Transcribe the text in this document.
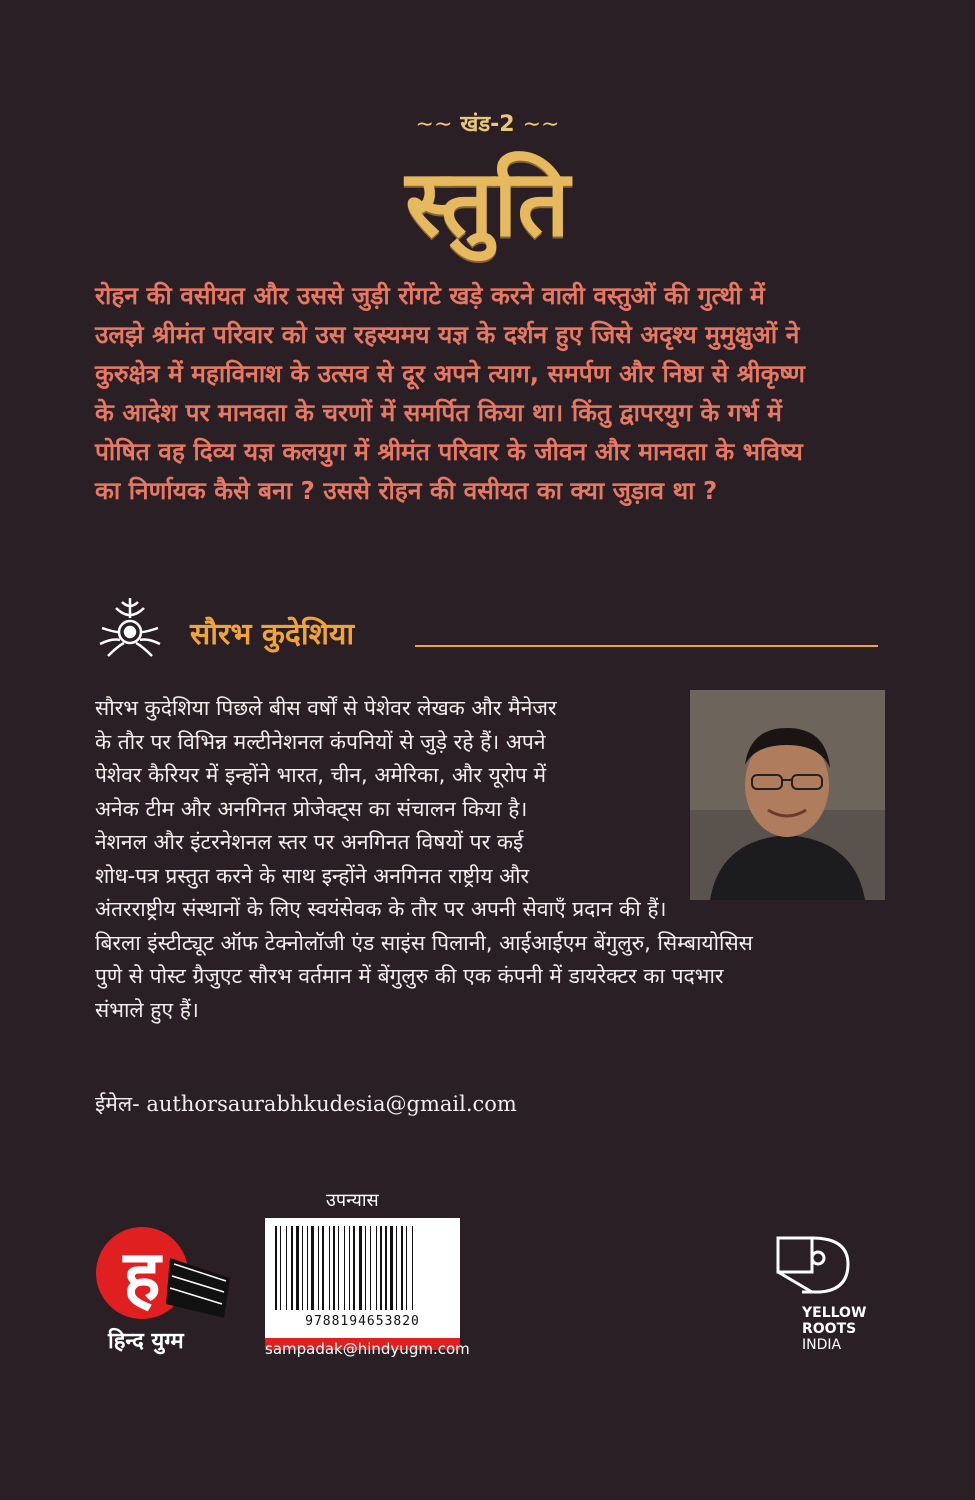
∼∼ खंड-2 ∼∼
स्तुति
रोहन की वसीयत और उससे जुड़ी रोंगटे खड़े करने वाली वस्तुओं की गुत्थी में
उलझे श्रीमंत परिवार को उस रहस्यमय यज्ञ के दर्शन हुए जिसे अदृश्य मुमुक्षुओं ने
कुरुक्षेत्र में महाविनाश के उत्सव से दूर अपने त्याग, समर्पण और निष्ठा से श्रीकृष्ण
के आदेश पर मानवता के चरणों में समर्पित किया था। किंतु द्वापरयुग के गर्भ में
पोषित वह दिव्य यज्ञ कलयुग में श्रीमंत परिवार के जीवन और मानवता के भविष्य
का निर्णायक कैसे बना ? उससे रोहन की वसीयत का क्या जुड़ाव था ?
सौरभ कुदेशिया
सौरभ कुदेशिया पिछले बीस वर्षों से पेशेवर लेखक और मैनेजर
के तौर पर विभिन्न मल्टीनेशनल कंपनियों से जुड़े रहे हैं। अपने
पेशेवर कैरियर में इन्होंने भारत, चीन, अमेरिका, और यूरोप में
अनेक टीम और अनगिनत प्रोजेक्ट्स का संचालन किया है।
नेशनल और इंटरनेशनल स्तर पर अनगिनत विषयों पर कई
शोध-पत्र प्रस्तुत करने के साथ इन्होंने अनगिनत राष्ट्रीय और
अंतरराष्ट्रीय संस्थानों के लिए स्वयंसेवक के तौर पर अपनी सेवाएँ प्रदान की हैं।
बिरला इंस्टीट्यूट ऑफ टेक्नोलॉजी एंड साइंस पिलानी, आईआईएम बेंगुलुरु, सिम्बायोसिस
पुणे से पोस्ट ग्रैजुएट सौरभ वर्तमान में बेंगुलुरु की एक कंपनी में डायरेक्टर का पदभार
संभाले हुए हैं।
ईमेल- authorsaurabhkudesia@gmail.com
ह
हिन्द युग्म
उपन्यास
9788194653820
sampadak@hindyugm.com
YELLOW
ROOTS
INDIA
